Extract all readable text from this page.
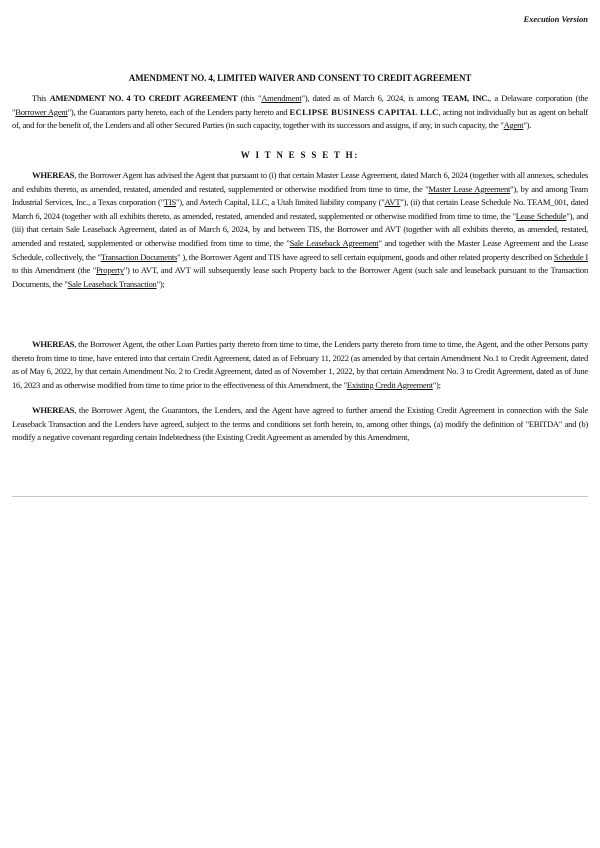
Execution Version
AMENDMENT NO. 4, LIMITED WAIVER AND CONSENT TO CREDIT AGREEMENT

This AMENDMENT NO. 4 TO CREDIT AGREEMENT (this "Amendment"), dated as of March 6, 2024, is among TEAM, INC., a Delaware corporation (the "Borrower Agent"), the Guarantors party hereto, each of the Lenders party hereto and ECLIPSE BUSINESS CAPITAL LLC, acting not individually but as agent on behalf of, and for the benefit of, the Lenders and all other Secured Parties (in such capacity, together with its successors and assigns, if any, in such capacity, the "Agent").

W I T N E S S E T H:

WHEREAS, the Borrower Agent has advised the Agent that pursuant to (i) that certain Master Lease Agreement, dated March 6, 2024 (together with all annexes, schedules and exhibits thereto, as amended, restated, amended and restated, supplemented or otherwise modified from time to time, the "Master Lease Agreement"), by and among Team Industrial Services, Inc., a Texas corporation ("TIS"), and Avtech Capital, LLC, a Utah limited liability company ("AVT"), (ii) that certain Lease Schedule No. TEAM_001, dated March 6, 2024 (together with all exhibits thereto, as amended, restated, amended and restated, supplemented or otherwise modified from time to time, the "Lease Schedule"), and (iii) that certain Sale Leaseback Agreement, dated as of March 6, 2024, by and between TIS, the Borrower and AVT (together with all exhibits thereto, as amended, restated, amended and restated, supplemented or otherwise modified from time to time, the "Sale Leaseback Agreement" and together with the Master Lease Agreement and the Lease Schedule, collectively, the "Transaction Documents" ), the Borrower Agent and TIS have agreed to sell certain equipment, goods and other related property described on Schedule I to this Amendment (the "Property") to AVT, and AVT will subsequently lease such Property back to the Borrower Agent (such sale and leaseback pursuant to the Transaction Documents, the "Sale Leaseback Transaction");

WHEREAS, the Borrower Agent, the other Loan Parties party thereto from time to time, the Lenders party thereto from time to time, the Agent, and the other Persons party thereto from time to time, have entered into that certain Credit Agreement, dated as of February 11, 2022 (as amended by that certain Amendment No.1 to Credit Agreement, dated as of May 6, 2022, by that certain Amendment No. 2 to Credit Agreement, dated as of November 1, 2022, by that certain Amendment No. 3 to Credit Agreement, dated as of June 16, 2023 and as otherwise modified from time to time prior to the effectiveness of this Amendment, the "Existing Credit Agreement");

WHEREAS, the Borrower Agent, the Guarantors, the Lenders, and the Agent have agreed to further amend the Existing Credit Agreement in connection with the Sale Leaseback Transaction and the Lenders have agreed, subject to the terms and conditions set forth herein, to, among other things, (a) modify the definition of "EBITDA" and (b) modify a negative covenant regarding certain Indebtedness (the Existing Credit Agreement as amended by this Amendment,
